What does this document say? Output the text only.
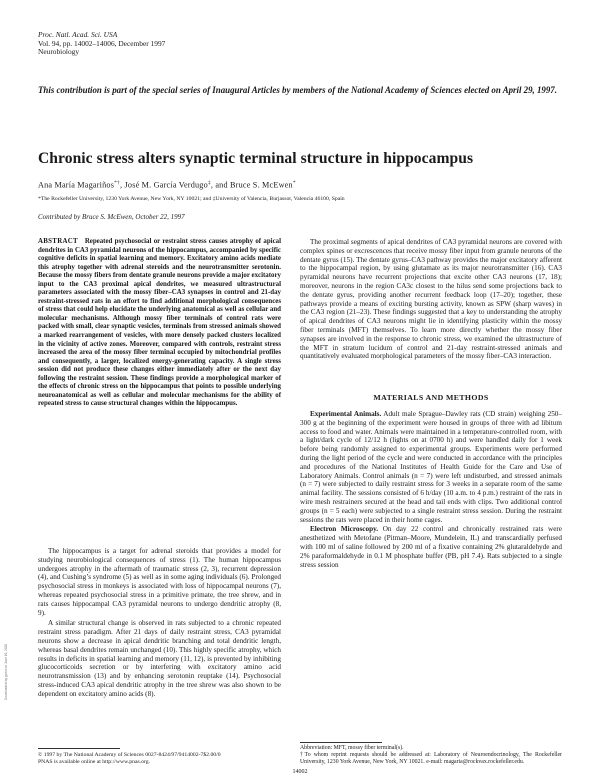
Proc. Natl. Acad. Sci. USA
Vol. 94, pp. 14002–14006, December 1997
Neurobiology
This contribution is part of the special series of Inaugural Articles by members of the National Academy of Sciences elected on April 29, 1997.
Chronic stress alters synaptic terminal structure in hippocampus
Ana María Magariños*†, José M. García Verdugo‡, and Bruce S. McEwen*
*The Rockefeller University, 1230 York Avenue, New York, NY 10021; and ‡University of Valencia, Burjassot, Valencia 46100, Spain
Contributed by Bruce S. McEwen, October 22, 1997

ABSTRACT Repeated psychosocial or restraint stress causes atrophy of apical dendrites in CA3 pyramidal neurons of the hippocampus, accompanied by specific cognitive deficits in spatial learning and memory. Excitatory amino acids mediate this atrophy together with adrenal steroids and the neurotransmitter serotonin. Because the mossy fibers from dentate granule neurons provide a major excitatory input to the CA3 proximal apical dendrites, we measured ultrastructural parameters associated with the mossy fiber–CA3 synapses in control and 21-day restraint-stressed rats in an effort to find additional morphological consequences of stress that could help elucidate the underlying anatomical as well as cellular and molecular mechanisms. Although mossy fiber terminals of control rats were packed with small, clear synaptic vesicles, terminals from stressed animals showed a marked rearrangement of vesicles, with more densely packed clusters localized in the vicinity of active zones. Moreover, compared with controls, restraint stress increased the area of the mossy fiber terminal occupied by mitochondrial profiles and consequently, a larger, localized energy-generating capacity. A single stress session did not produce these changes either immediately after or the next day following the restraint session. These findings provide a morphological marker of the effects of chronic stress on the hippocampus that points to possible underlying neuroanatomical as well as cellular and molecular mechanisms for the ability of repeated stress to cause structural changes within the hippocampus.

The hippocampus is a target for adrenal steroids that provides a model for studying neurobiological consequences of stress (1). The human hippocampus undergoes atrophy in the aftermath of traumatic stress (2, 3), recurrent depression (4), and Cushing’s syndrome (5) as well as in some aging individuals (6). Prolonged psychosocial stress in monkeys is associated with loss of hippocampal neurons (7), whereas repeated psychosocial stress in a primitive primate, the tree shrew, and in rats causes hippocampal CA3 pyramidal neurons to undergo dendritic atrophy (8, 9).

A similar structural change is observed in rats subjected to a chronic repeated restraint stress paradigm. After 21 days of daily restraint stress, CA3 pyramidal neurons show a decrease in apical dendritic branching and total dendritic length, whereas basal dendrites remain unchanged (10). This highly specific atrophy, which results in deficits in spatial learning and memory (11, 12), is prevented by inhibiting glucocorticoids secretion or by interfering with excitatory amino acid neurotransmission (13) and by enhancing serotonin reuptake (14). Psychosocial stress-induced CA3 apical dendritic atrophy in the tree shrew was also shown to be dependent on excitatory amino acids (8).

The proximal segments of apical dendrites of CA3 pyramidal neurons are covered with complex spines or excrescences that receive mossy fiber input from granule neurons of the dentate gyrus (15). The dentate gyrus–CA3 pathway provides the major excitatory afferent to the hippocampal region, by using glutamate as its major neurotransmitter (16). CA3 pyramidal neurons have recurrent projections that excite other CA3 neurons (17, 18); moreover, neurons in the region CA3c closest to the hilus send some projections back to the dentate gyrus, providing another recurrent feedback loop (17–20); together, these pathways provide a means of exciting bursting activity, known as SPW (sharp waves) in the CA3 region (21–23). These findings suggested that a key to understanding the atrophy of apical dendrites of CA3 neurons might lie in identifying plasticity within the mossy fiber terminals (MFT) themselves. To learn more directly whether the mossy fiber synapses are involved in the response to chronic stress, we examined the ultrastructure of the MFT in stratum lucidum of control and 21-day restraint-stressed animals and quantitatively evaluated morphological parameters of the mossy fiber–CA3 interaction.

MATERIALS AND METHODS

Experimental Animals. Adult male Sprague–Dawley rats (CD strain) weighing 250–300 g at the beginning of the experiment were housed in groups of three with ad libitum access to food and water. Animals were maintained in a temperature-controlled room, with a light/dark cycle of 12/12 h (lights on at 0700 h) and were handled daily for 1 week before being randomly assigned to experimental groups. Experiments were performed during the light period of the cycle and were conducted in accordance with the principles and procedures of the National Institutes of Health Guide for the Care and Use of Laboratory Animals. Control animals (n = 7) were left undisturbed, and stressed animals (n = 7) were subjected to daily restraint stress for 3 weeks in a separate room of the same animal facility. The sessions consisted of 6 h/day (10 a.m. to 4 p.m.) restraint of the rats in wire mesh restrainers secured at the head and tail ends with clips. Two additional control groups (n = 5 each) were subjected to a single restraint stress session. During the restraint sessions the rats were placed in their home cages.

Electron Microscopy. On day 22 control and chronically restrained rats were anesthetized with Metofane (Pitman–Moore, Mundelein, IL) and transcardially perfused with 100 ml of saline followed by 200 ml of a fixative containing 2% glutaraldehyde and 2% paraformaldehyde in 0.1 M phosphate buffer (PB, pH 7.4). Rats subjected to a single stress session

© 1997 by The National Academy of Sciences 0027-8424/97/9414002-7$2.00/0
PNAS is available online at http://www.pnas.org.
Abbreviation: MFT, mossy fiber terminal(s).
†To whom reprint requests should be addressed at: Laboratory of Neuroendocrinology, The Rockefeller University, 1230 York Avenue, New York, NY 10021. e-mail: magaria@rockvax.rockefeller.edu.
14002
Downloaded by guest on June 16, 2020
